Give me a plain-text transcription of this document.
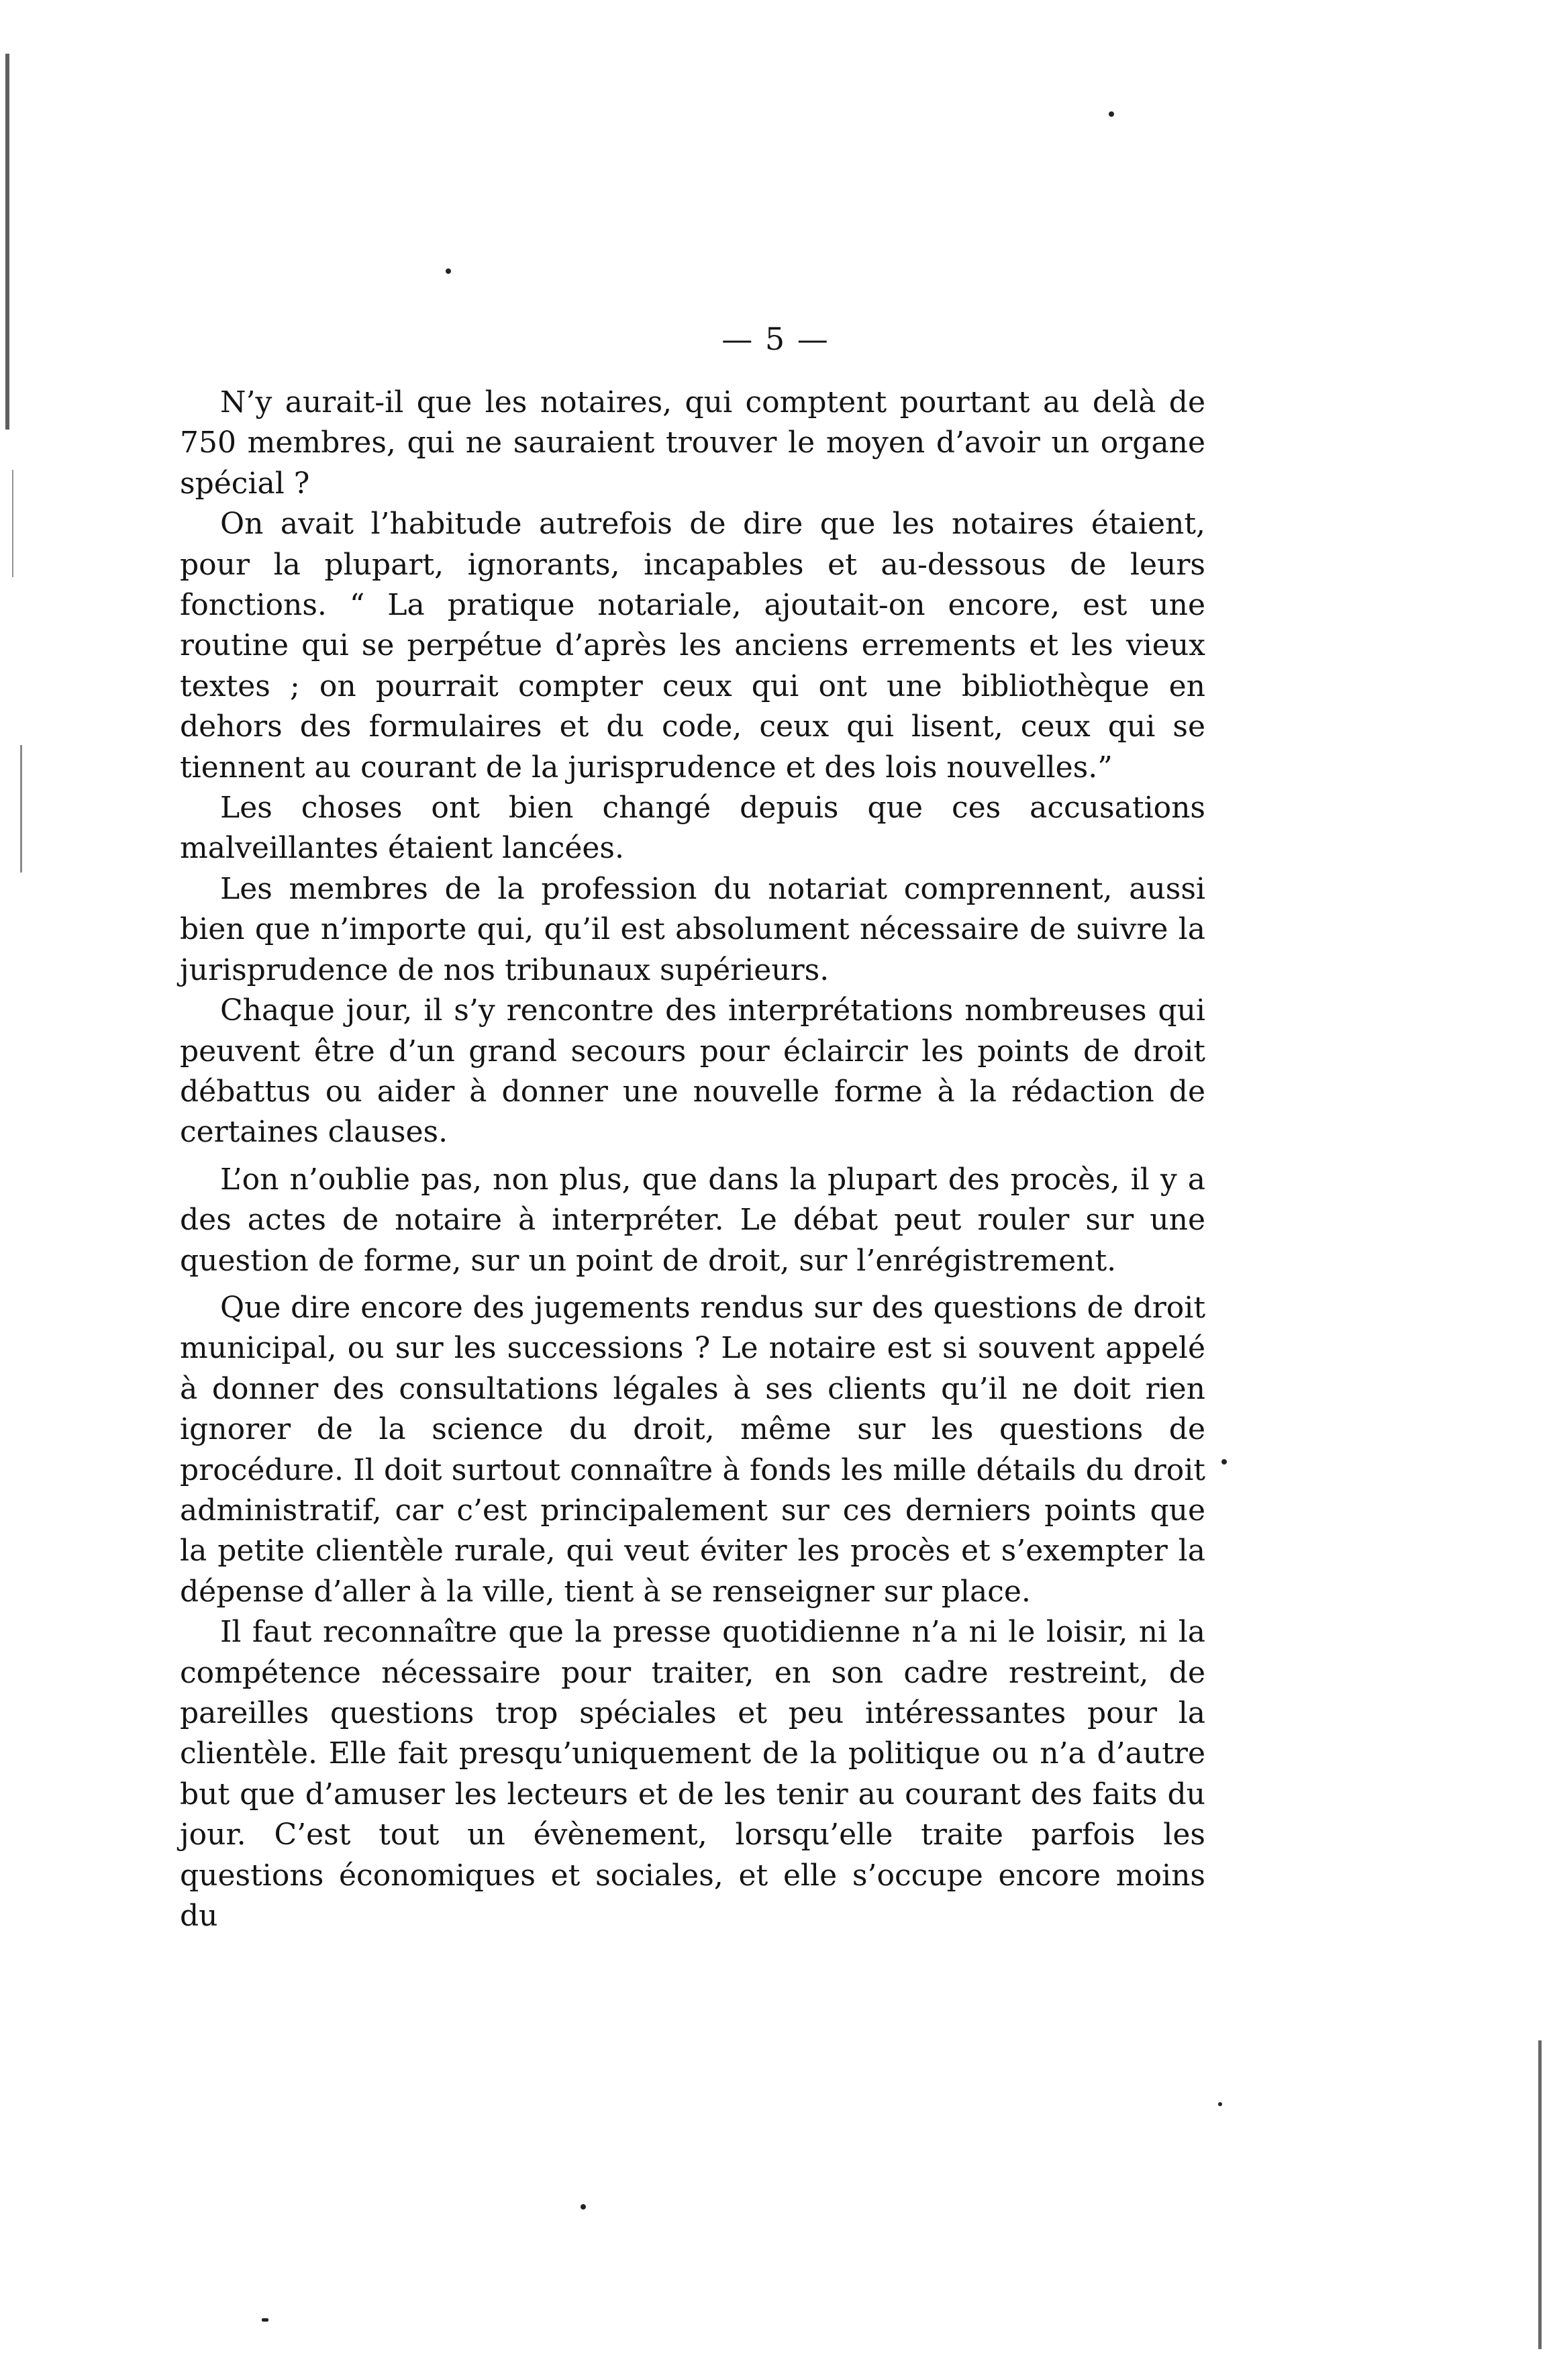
— 5 —

N’y aurait-il que les notaires, qui comptent pourtant au delà de 750 membres, qui ne sauraient trouver le moyen d’avoir un organe spécial ?

On avait l’habitude autrefois de dire que les notaires étaient, pour la plupart, ignorants, incapables et au-dessous de leurs fonctions. “ La pratique notariale, ajoutait-on encore, est une routine qui se perpétue d’après les anciens errements et les vieux textes ; on pourrait compter ceux qui ont une bibliothèque en dehors des formulaires et du code, ceux qui lisent, ceux qui se tiennent au courant de la jurisprudence et des lois nouvelles.”

Les choses ont bien changé depuis que ces accusations malveillantes étaient lancées.

Les membres de la profession du notariat comprennent, aussi bien que n’importe qui, qu’il est absolument nécessaire de suivre la jurisprudence de nos tribunaux supérieurs.

Chaque jour, il s’y rencontre des interprétations nombreuses qui peuvent être d’un grand secours pour éclaircir les points de droit débattus ou aider à donner une nouvelle forme à la rédaction de certaines clauses.

L’on n’oublie pas, non plus, que dans la plupart des procès, il y a des actes de notaire à interpréter. Le débat peut rouler sur une question de forme, sur un point de droit, sur l’enrégistrement.

Que dire encore des jugements rendus sur des questions de droit municipal, ou sur les successions ? Le notaire est si souvent appelé à donner des consultations légales à ses clients qu’il ne doit rien ignorer de la science du droit, même sur les questions de procédure. Il doit surtout connaître à fonds les mille détails du droit administratif, car c’est principalement sur ces derniers points que la petite clientèle rurale, qui veut éviter les procès et s’exempter la dépense d’aller à la ville, tient à se renseigner sur place.

Il faut reconnaître que la presse quotidienne n’a ni le loisir, ni la compétence nécessaire pour traiter, en son cadre restreint, de pareilles questions trop spéciales et peu intéressantes pour la clientèle. Elle fait presqu’uniquement de la politique ou n’a d’autre but que d’amuser les lecteurs et de les tenir au courant des faits du jour. C’est tout un évènement, lorsqu’elle traite parfois les questions économiques et sociales, et elle s’occupe encore moins du
